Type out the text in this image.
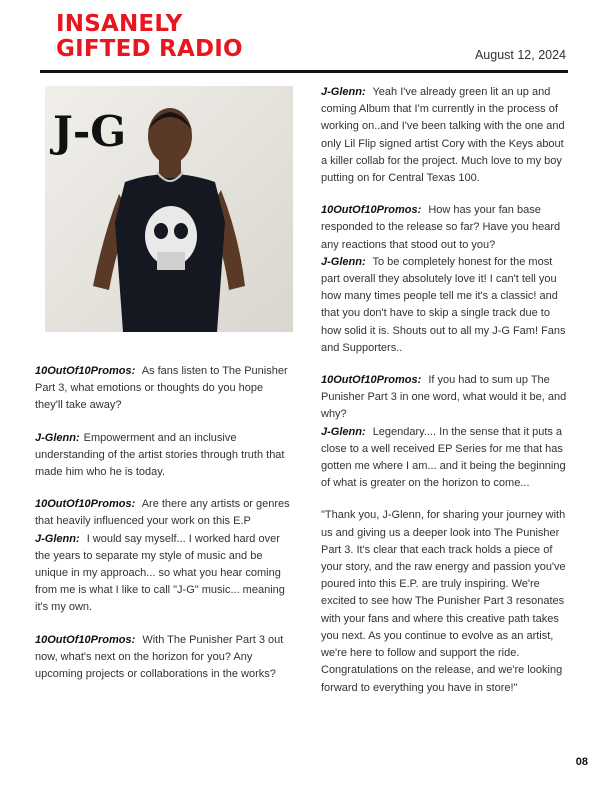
INSANELY
GIFTED RADIO	August 12, 2024
J-G

10OutOf10Promos: As fans listen to The Punisher Part 3, what emotions or thoughts do you hope they'll take away?

J-Glenn: Empowerment and an inclusive understanding of the artist stories through truth that made him who he is today.

10OutOf10Promos: Are there any artists or genres that heavily influenced your work on this E.P

J-Glenn: I would say myself... I worked hard over the years to separate my style of music and be unique in my approach... so what you hear coming from me is what I like to call "J-G" music... meaning it's my own.

10OutOf10Promos: With The Punisher Part 3 out now, what's next on the horizon for you? Any upcoming projects or collaborations in the works?

J-Glenn: Yeah I've already green lit an up and coming Album that I'm currently in the process of working on..and I've been talking with the one and only Lil Flip signed artist Cory with the Keys about a killer collab for the project. Much love to my boy putting on for Central Texas 100.

10OutOf10Promos: How has your fan base responded to the release so far? Have you heard any reactions that stood out to you?

J-Glenn: To be completely honest for the most part overall they absolutely love it! I can't tell you how many times people tell me it's a classic! and that you don't have to skip a single track due to how solid it is. Shouts out to all my J-G Fam! Fans and Supporters..

10OutOf10Promos: If you had to sum up The Punisher Part 3 in one word, what would it be, and why?

J-Glenn: Legendary.... In the sense that it puts a close to a well received EP Series for me that has gotten me where I am... and it being the beginning of what is greater on the horizon to come...

"Thank you, J-Glenn, for sharing your journey with us and giving us a deeper look into The Punisher Part 3. It's clear that each track holds a piece of your story, and the raw energy and passion you've poured into this E.P. are truly inspiring. We're excited to see how The Punisher Part 3 resonates with your fans and where this creative path takes you next. As you continue to evolve as an artist, we're here to follow and support the ride. Congratulations on the release, and we're looking forward to everything you have in store!"

08
